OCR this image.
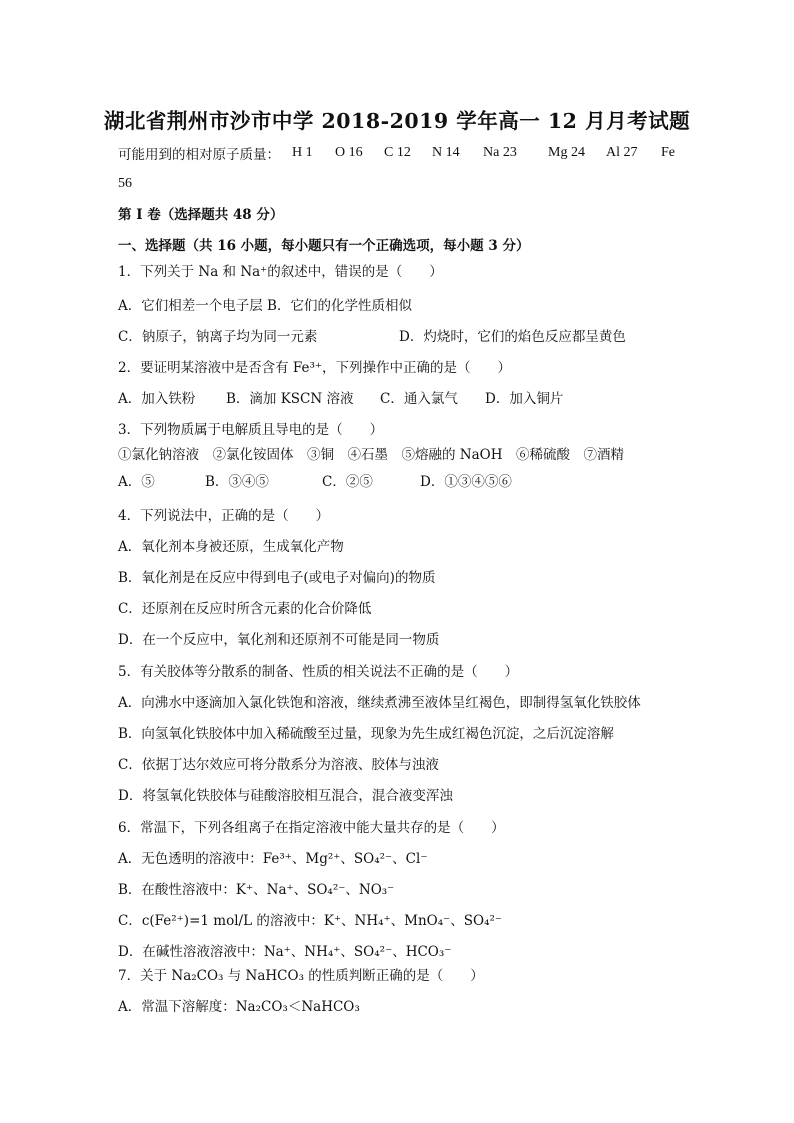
湖北省荆州市沙市中学 2018-2019 学年高一 12 月月考试题
可能用到的相对原子质量： H 1 O 16 C 12 N 14 Na 23 Mg 24 Al 27 Fe
56
第 I 卷（选择题共 48 分）
一、选择题（共 16 小题，每小题只有一个正确选项，每小题 3 分）
1．下列关于 Na 和 Na⁺的叙述中，错误的是（　　）
A．它们相差一个电子层 B．它们的化学性质相似
C．钠原子，钠离子均为同一元素	D．灼烧时，它们的焰色反应都呈黄色
2．要证明某溶液中是否含有 Fe³⁺，下列操作中正确的是（　　）
A．加入铁粉 B．滴加 KSCN 溶液 C．通入氯气 D．加入铜片
3．下列物质属于电解质且导电的是（　　）
①氯化钠溶液　②氯化铵固体　③铜　④石墨　⑤熔融的 NaOH　⑥稀硫酸　⑦酒精
A．⑤	B．③④⑤	C．②⑤	D．①③④⑤⑥
4．下列说法中，正确的是（　　）
A．氧化剂本身被还原，生成氧化产物
B．氧化剂是在反应中得到电子(或电子对偏向)的物质
C．还原剂在反应时所含元素的化合价降低
D．在一个反应中，氧化剂和还原剂不可能是同一物质
5．有关胶体等分散系的制备、性质的相关说法不正确的是（　　）
A．向沸水中逐滴加入氯化铁饱和溶液，继续煮沸至液体呈红褐色，即制得氢氧化铁胶体
B．向氢氧化铁胶体中加入稀硫酸至过量，现象为先生成红褐色沉淀，之后沉淀溶解
C．依据丁达尔效应可将分散系分为溶液、胶体与浊液
D．将氢氧化铁胶体与硅酸溶胶相互混合，混合液变浑浊
6．常温下，下列各组离子在指定溶液中能大量共存的是（　　）
A．无色透明的溶液中：Fe³⁺、Mg²⁺、SO₄²⁻、Cl⁻
B．在酸性溶液中：K⁺、Na⁺、SO₄²⁻、NO₃⁻
C．c(Fe²⁺)=1 mol/L 的溶液中：K⁺、NH₄⁺、MnO₄⁻、SO₄²⁻
D．在碱性溶液溶液中：Na⁺、NH₄⁺、SO₄²⁻、HCO₃⁻
7．关于 Na₂CO₃ 与 NaHCO₃ 的性质判断正确的是（　　）
A．常温下溶解度：Na₂CO₃＜NaHCO₃
